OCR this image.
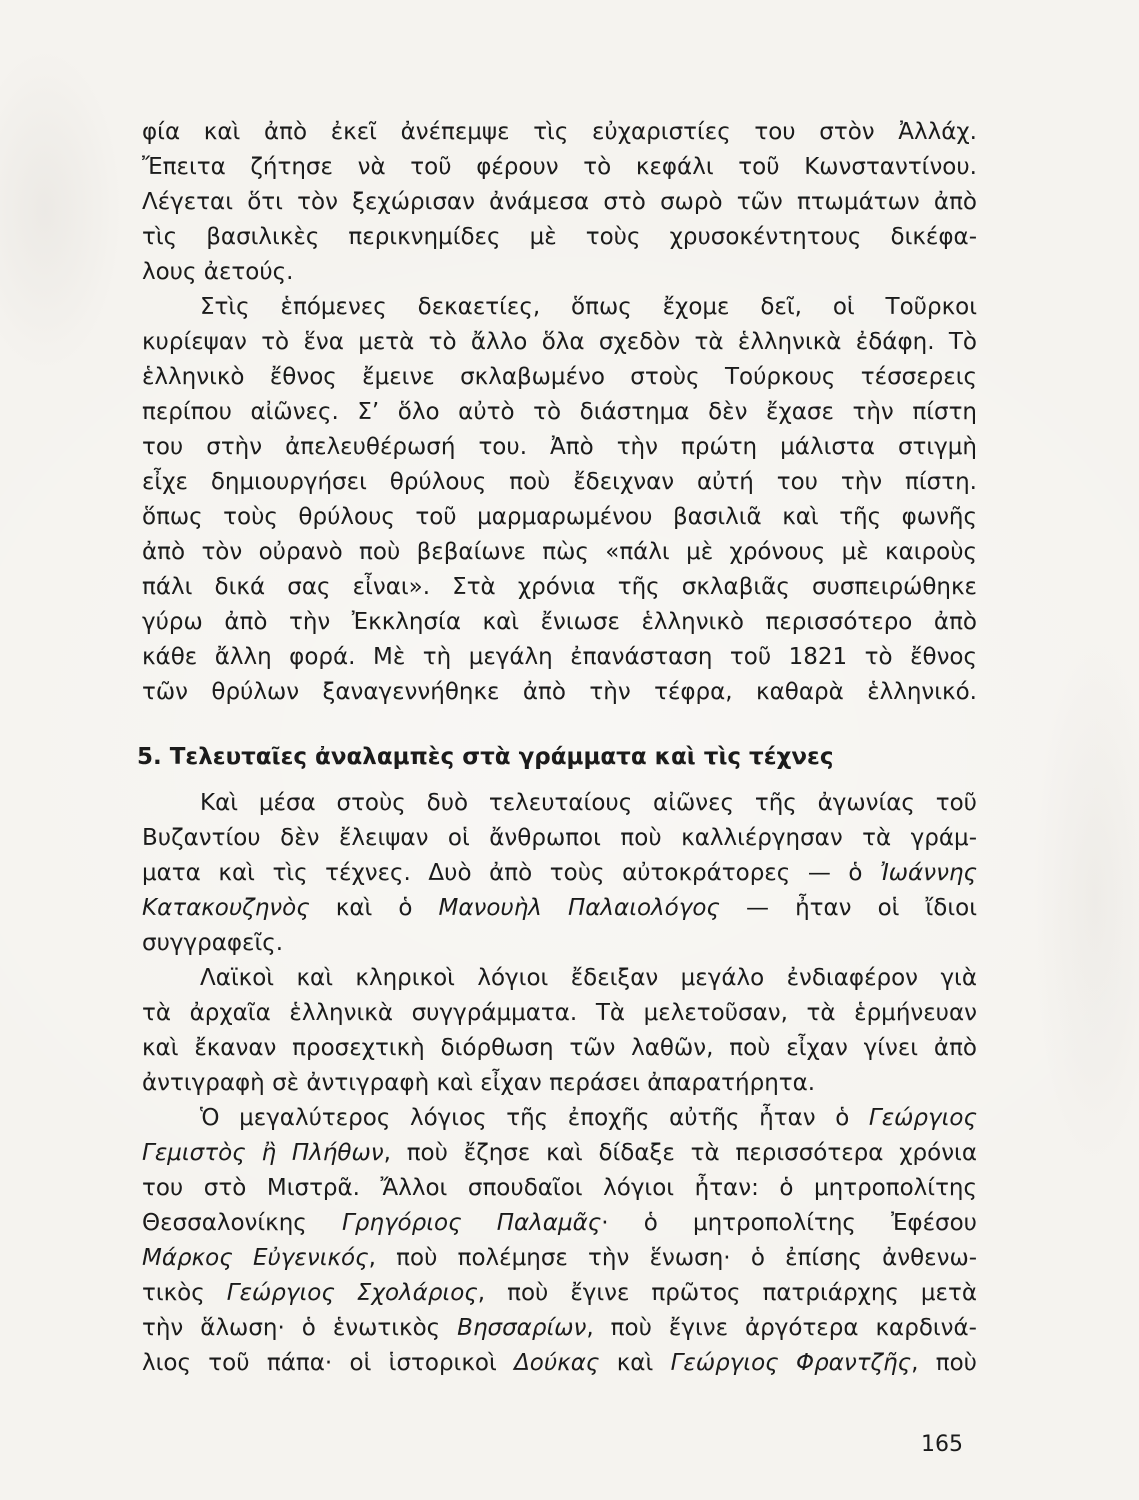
φία καὶ ἀπὸ ἐκεῖ ἀνέπεμψε τὶς εὐχαριστίες του στὸν Ἀλλάχ.
Ἔπειτα ζήτησε νὰ τοῦ φέρουν τὸ κεφάλι τοῦ Κωνσταντίνου.
Λέγεται ὅτι τὸν ξεχώρισαν ἀνάμεσα στὸ σωρὸ τῶν πτωμάτων ἀπὸ
τὶς βασιλικὲς περικνημίδες μὲ τοὺς χρυσοκέντητους δικέφα-
λους ἀετούς.
Στὶς ἑπόμενες δεκαετίες, ὅπως ἔχομε δεῖ, οἱ Τοῦρκοι
κυρίεψαν τὸ ἕνα μετὰ τὸ ἄλλο ὅλα σχεδὸν τὰ ἑλληνικὰ ἐδάφη. Τὸ
ἑλληνικὸ ἔθνος ἔμεινε σκλαβωμένο στοὺς Τούρκους τέσσερεις
περίπου αἰῶνες. Σ’ ὅλο αὐτὸ τὸ διάστημα δὲν ἔχασε τὴν πίστη
του στὴν ἀπελευθέρωσή του. Ἀπὸ τὴν πρώτη μάλιστα στιγμὴ
εἶχε δημιουργήσει θρύλους ποὺ ἔδειχναν αὐτή του τὴν πίστη.
ὅπως τοὺς θρύλους τοῦ μαρμαρωμένου βασιλιᾶ καὶ τῆς φωνῆς
ἀπὸ τὸν οὐρανὸ ποὺ βεβαίωνε πὼς «πάλι μὲ χρόνους μὲ καιροὺς
πάλι δικά σας εἶναι». Στὰ χρόνια τῆς σκλαβιᾶς συσπειρώθηκε
γύρω ἀπὸ τὴν Ἐκκλησία καὶ ἔνιωσε ἑλληνικὸ περισσότερο ἀπὸ
κάθε ἄλλη φορά. Μὲ τὴ μεγάλη ἐπανάσταση τοῦ 1821 τὸ ἔθνος
τῶν θρύλων ξαναγεννήθηκε ἀπὸ τὴν τέφρα, καθαρὰ ἑλληνικό.
5. Τελευταῖες ἀναλαμπὲς στὰ γράμματα καὶ τὶς τέχνες
Καὶ μέσα στοὺς δυὸ τελευταίους αἰῶνες τῆς ἀγωνίας τοῦ
Βυζαντίου δὲν ἔλειψαν οἱ ἄνθρωποι ποὺ καλλιέργησαν τὰ γράμ-
ματα καὶ τὶς τέχνες. Δυὸ ἀπὸ τοὺς αὐτοκράτορες — ὁ Ἰωάννης
Κατακουζηνὸς καὶ ὁ Μανουὴλ Παλαιολόγος — ἦταν οἱ ἴδιοι
συγγραφεῖς.
Λαϊκοὶ καὶ κληρικοὶ λόγιοι ἔδειξαν μεγάλο ἐνδιαφέρον γιὰ
τὰ ἀρχαῖα ἑλληνικὰ συγγράμματα. Τὰ μελετοῦσαν, τὰ ἑρμήνευαν
καὶ ἔκαναν προσεχτικὴ διόρθωση τῶν λαθῶν, ποὺ εἶχαν γίνει ἀπὸ
ἀντιγραφὴ σὲ ἀντιγραφὴ καὶ εἶχαν περάσει ἀπαρατήρητα.
Ὁ μεγαλύτερος λόγιος τῆς ἐποχῆς αὐτῆς ἦταν ὁ Γεώργιος
Γεμιστὸς ἢ Πλήθων, ποὺ ἔζησε καὶ δίδαξε τὰ περισσότερα χρόνια
του στὸ Μιστρᾶ. Ἄλλοι σπουδαῖοι λόγιοι ἦταν: ὁ μητροπολίτης
Θεσσαλονίκης Γρηγόριος Παλαμᾶς· ὁ μητροπολίτης Ἐφέσου
Μάρκος Εὐγενικός, ποὺ πολέμησε τὴν ἕνωση· ὁ ἐπίσης ἀνθενω-
τικὸς Γεώργιος Σχολάριος, ποὺ ἔγινε πρῶτος πατριάρχης μετὰ
τὴν ἅλωση· ὁ ἑνωτικὸς Βησσαρίων, ποὺ ἔγινε ἀργότερα καρδινά-
λιος τοῦ πάπα· οἱ ἱστορικοὶ Δούκας καὶ Γεώργιος Φραντζῆς, ποὺ
165
